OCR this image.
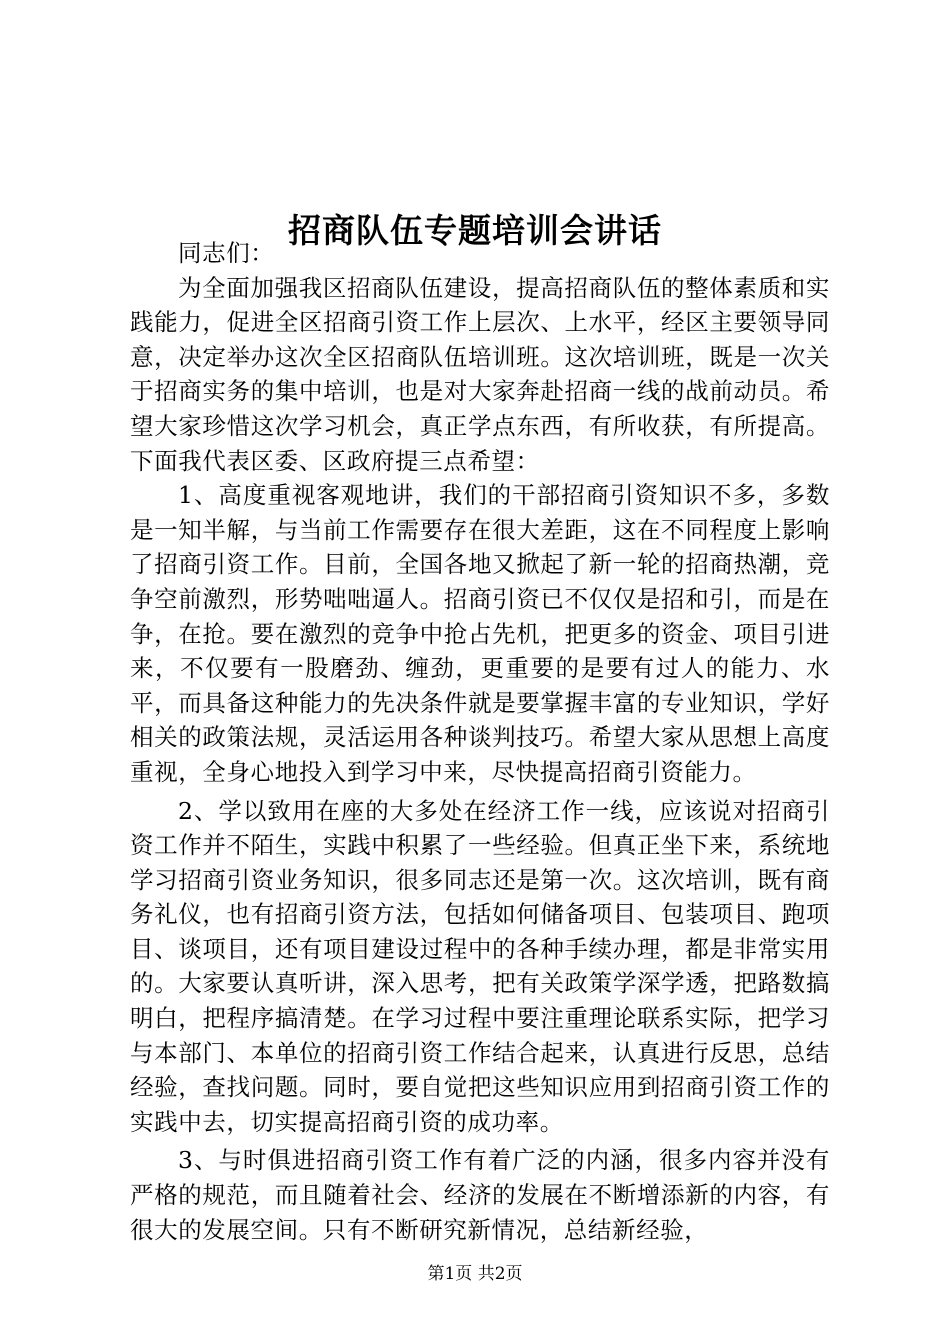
招商队伍专题培训会讲话

同志们：

为全面加强我区招商队伍建设，提高招商队伍的整体素质和实践能力，促进全区招商引资工作上层次、上水平，经区主要领导同意，决定举办这次全区招商队伍培训班。这次培训班，既是一次关于招商实务的集中培训，也是对大家奔赴招商一线的战前动员。希望大家珍惜这次学习机会，真正学点东西，有所收获，有所提高。下面我代表区委、区政府提三点希望：

1、高度重视客观地讲，我们的干部招商引资知识不多，多数是一知半解，与当前工作需要存在很大差距，这在不同程度上影响了招商引资工作。目前，全国各地又掀起了新一轮的招商热潮，竞争空前激烈，形势咄咄逼人。招商引资已不仅仅是招和引，而是在争，在抢。要在激烈的竞争中抢占先机，把更多的资金、项目引进来，不仅要有一股磨劲、缠劲，更重要的是要有过人的能力、水平，而具备这种能力的先决条件就是要掌握丰富的专业知识，学好相关的政策法规，灵活运用各种谈判技巧。希望大家从思想上高度重视，全身心地投入到学习中来，尽快提高招商引资能力。

2、学以致用在座的大多处在经济工作一线，应该说对招商引资工作并不陌生，实践中积累了一些经验。但真正坐下来，系统地学习招商引资业务知识，很多同志还是第一次。这次培训，既有商务礼仪，也有招商引资方法，包括如何储备项目、包装项目、跑项目、谈项目，还有项目建设过程中的各种手续办理，都是非常实用的。大家要认真听讲，深入思考，把有关政策学深学透，把路数搞明白，把程序搞清楚。在学习过程中要注重理论联系实际，把学习与本部门、本单位的招商引资工作结合起来，认真进行反思，总结经验，查找问题。同时，要自觉把这些知识应用到招商引资工作的实践中去，切实提高招商引资的成功率。

3、与时俱进招商引资工作有着广泛的内涵，很多内容并没有严格的规范，而且随着社会、经济的发展在不断增添新的内容，有很大的发展空间。只有不断研究新情况，总结新经验，

第1页 共2页
